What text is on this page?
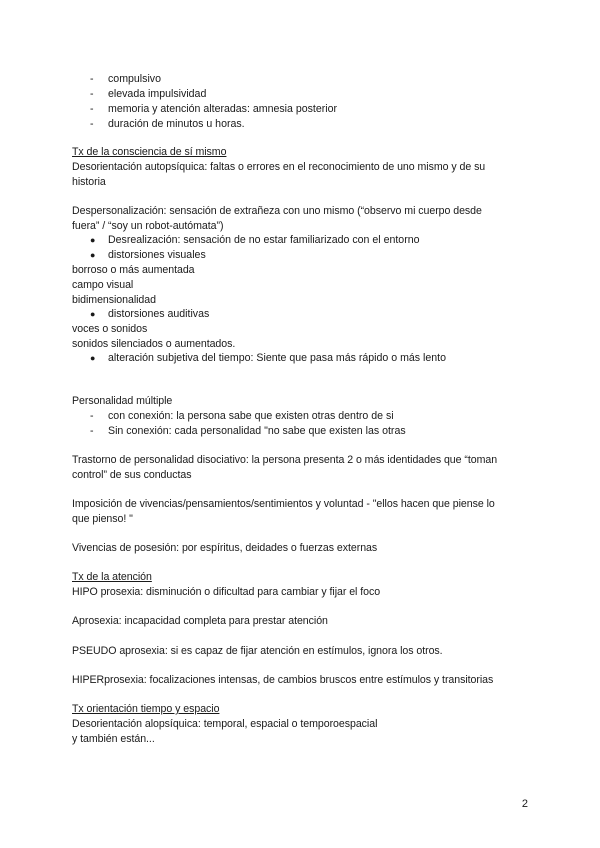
-	compulsivo
-	elevada impulsividad
-	memoria y atención alteradas: amnesia posterior
-	duración de minutos u horas.
Tx de la consciencia de sí mismo
Desorientación autopsíquica: faltas o errores en el reconocimiento de uno mismo y de su
historia
Despersonalización: sensación de extrañeza con uno mismo (“observo mi cuerpo desde
fuera” / “soy un robot-autómata”)
● Desrealización: sensación de no estar familiarizado con el entorno
● distorsiones visuales
borroso o más aumentada
campo visual
bidimensionalidad
● distorsiones auditivas
voces o sonidos
sonidos silenciados o aumentados.
● alteración subjetiva del tiempo: Siente que pasa más rápido o más lento
Personalidad múltiple
-	con conexión: la persona sabe que existen otras dentro de si
-	Sin conexión: cada personalidad "no sabe que existen las otras
Trastorno de personalidad disociativo: la persona presenta 2 o más identidades que “toman
control” de sus conductas
Imposición de vivencias/pensamientos/sentimientos y voluntad - "ellos hacen que piense lo
que pienso! "
Vivencias de posesión: por espíritus, deidades o fuerzas externas
Tx de la atención
HIPO prosexia: disminución o dificultad para cambiar y fijar el foco
Aprosexia: incapacidad completa para prestar atención
PSEUDO aprosexia: si es capaz de fijar atención en estímulos, ignora los otros.
HIPERprosexia: focalizaciones intensas, de cambios bruscos entre estímulos y transitorias
Tx orientación tiempo y espacio
Desorientación alopsíquica: temporal, espacial o temporoespacial
y también están...
2
